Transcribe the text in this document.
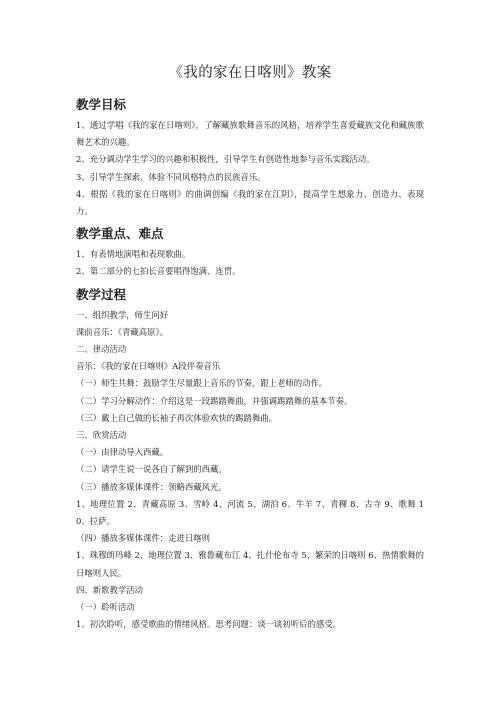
《我的家在日喀则》教案
教学目标

1、通过学唱《我的家在日喀则》，了解藏族歌舞音乐的风格，培养学生喜爱藏族文化和藏族歌舞艺术的兴趣。

2、充分调动学生学习的兴趣和积极性，引导学生有创造性地参与音乐实践活动。

3、引导学生探索、体验不同风格特点的民族音乐。

4、根据《我的家在日喀则》的曲调创编《我的家在江阴》，提高学生想象力、创造力、表现力。

教学重点、难点

1、有表情地演唱和表现歌曲。

2、第二部分的七拍长音要唱得饱满、连贯。

教学过程

一、组织教学，师生问好

课前音乐：《青藏高原》。

二、律动活动

音乐：《我的家在日喀则》A段伴奏音乐

（一）师生共舞：鼓励学生尽量跟上音乐的节奏，跟上老师的动作。

（二）学习分解动作：介绍这是一段踢踏舞曲，并强调踢踏舞的基本节奏。

（三）戴上自己做的长袖子再次体验欢快的踢踏舞曲。

三、欣赏活动

（一）由律动导入西藏。

（二）请学生说一说各自了解到的西藏。

（三）播放多媒体课件：领略西藏风光。

1、地理位置 2、青藏高原 3、雪岭 4、河流 5、湖泊 6、牛羊 7、青稞 8、古寺 9、歌舞 10、拉萨。

（四）播放多媒体课件：走进日喀则

1、珠穆朗玛峰 2、地理位置 3、雅鲁藏布江 4、扎什伦布寺 5、繁荣的日喀则 6、热情歌舞的日喀则人民。

四、新歌教学活动

（一）聆听活动

1、初次聆听，感受歌曲的情绪风格。思考问题：谈一谈初听后的感受。
